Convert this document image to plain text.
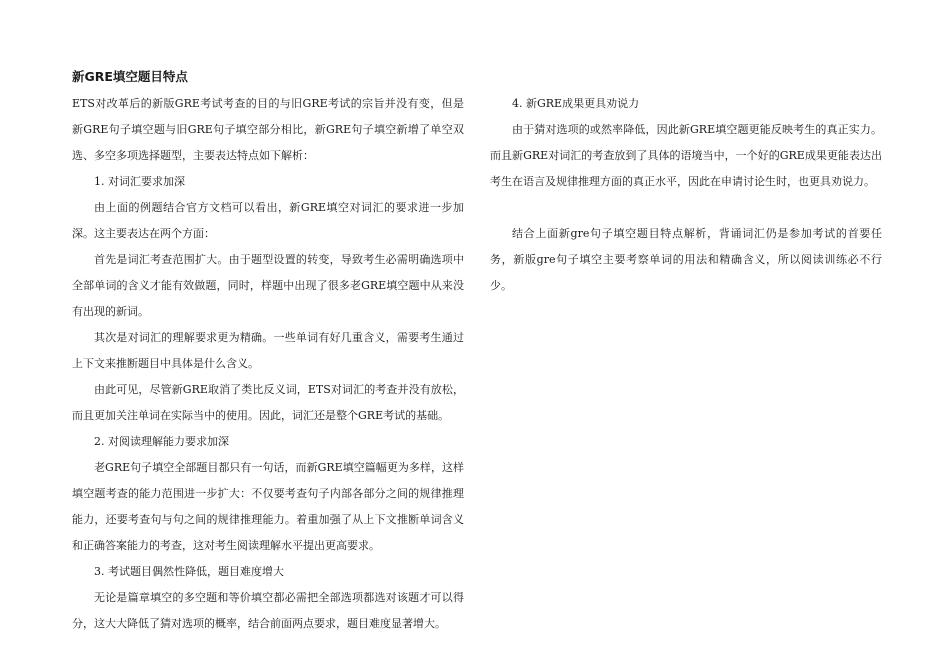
新GRE填空题目特点

ETS对改革后的新版GRE考试考查的目的与旧GRE考试的宗旨并没有变，但是新GRE句子填空题与旧GRE句子填空部分相比，新GRE句子填空新增了单空双选、多空多项选择题型，主要表达特点如下解析：

1. 对词汇要求加深

由上面的例题结合官方文档可以看出，新GRE填空对词汇的要求进一步加深。这主要表达在两个方面：

首先是词汇考查范围扩大。由于题型设置的转变，导致考生必需明确选项中全部单词的含义才能有效做题，同时，样题中出现了很多老GRE填空题中从来没有出现的新词。

其次是对词汇的理解要求更为精确。一些单词有好几重含义，需要考生通过上下文来推断题目中具体是什么含义。

由此可见，尽管新GRE取消了类比反义词，ETS对词汇的考查并没有放松，而且更加关注单词在实际当中的使用。因此，词汇还是整个GRE考试的基础。

2. 对阅读理解能力要求加深

老GRE句子填空全部题目都只有一句话，而新GRE填空篇幅更为多样，这样填空题考查的能力范围进一步扩大：不仅要考查句子内部各部分之间的规律推理能力，还要考查句与句之间的规律推理能力。着重加强了从上下文推断单词含义和正确答案能力的考查，这对考生阅读理解水平提出更高要求。

3. 考试题目偶然性降低，题目难度增大

无论是篇章填空的多空题和等价填空都必需把全部选项都选对该题才可以得分，这大大降低了猜对选项的概率，结合前面两点要求，题目难度显著增大。

4. 新GRE成果更具劝说力

由于猜对选项的或然率降低，因此新GRE填空题更能反映考生的真正实力。而且新GRE对词汇的考查放到了具体的语境当中，一个好的GRE成果更能表达出考生在语言及规律推理方面的真正水平，因此在申请讨论生时，也更具劝说力。

结合上面新gre句子填空题目特点解析，背诵词汇仍是参加考试的首要任务，新版gre句子填空主要考察单词的用法和精确含义，所以阅读训练必不行少。
